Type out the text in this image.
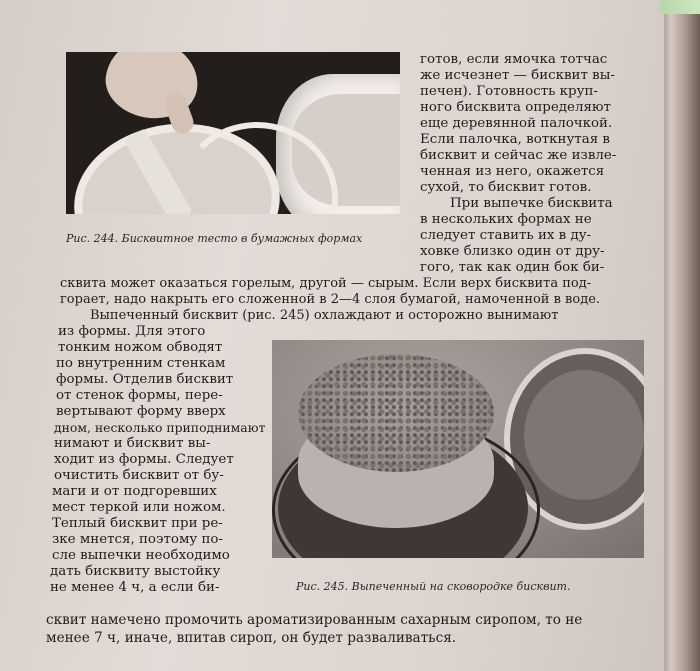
Рис. 244. Бисквитное тесто в бумажных формах

готов, если ямочка тотчас

же исчезнет — бисквит вы-

печен). Готовность круп-

ного бисквита определяют

еще деревянной палочкой.

Если палочка, воткнутая в

бисквит и сейчас же извле-

ченная из него, окажется

сухой, то бисквит готов.

При выпечке бисквита

в нескольких формах не

следует ставить их в ду-

ховке близко один от дру-

гого, так как один бок би-

сквита может оказаться горелым, другой — сырым. Если верх бисквита под-

горает, надо накрыть его сложенной в 2—4 слоя бумагой, намоченной в воде.

Выпеченный бисквит (рис. 245) охлаждают и осторожно вынимают

из формы. Для этого

тонким ножом обводят

по внутренним стенкам

формы. Отделив бисквит

от стенок формы, пере-

вертывают форму вверх

дном, несколько приподнимают

нимают и бисквит вы-

ходит из формы. Следует

очистить бисквит от бу-

маги и от подгоревших

мест теркой или ножом.

Теплый бисквит при ре-

зке мнется, поэтому по-

сле выпечки необходимо

дать бисквиту выстойку

не менее 4 ч, а если би-	Рис. 245. Выпеченный на сковородке бисквит.

сквит намечено промочить ароматизированным сахарным сиропом, то не

менее 7 ч, иначе, впитав сироп, он будет разваливаться.
